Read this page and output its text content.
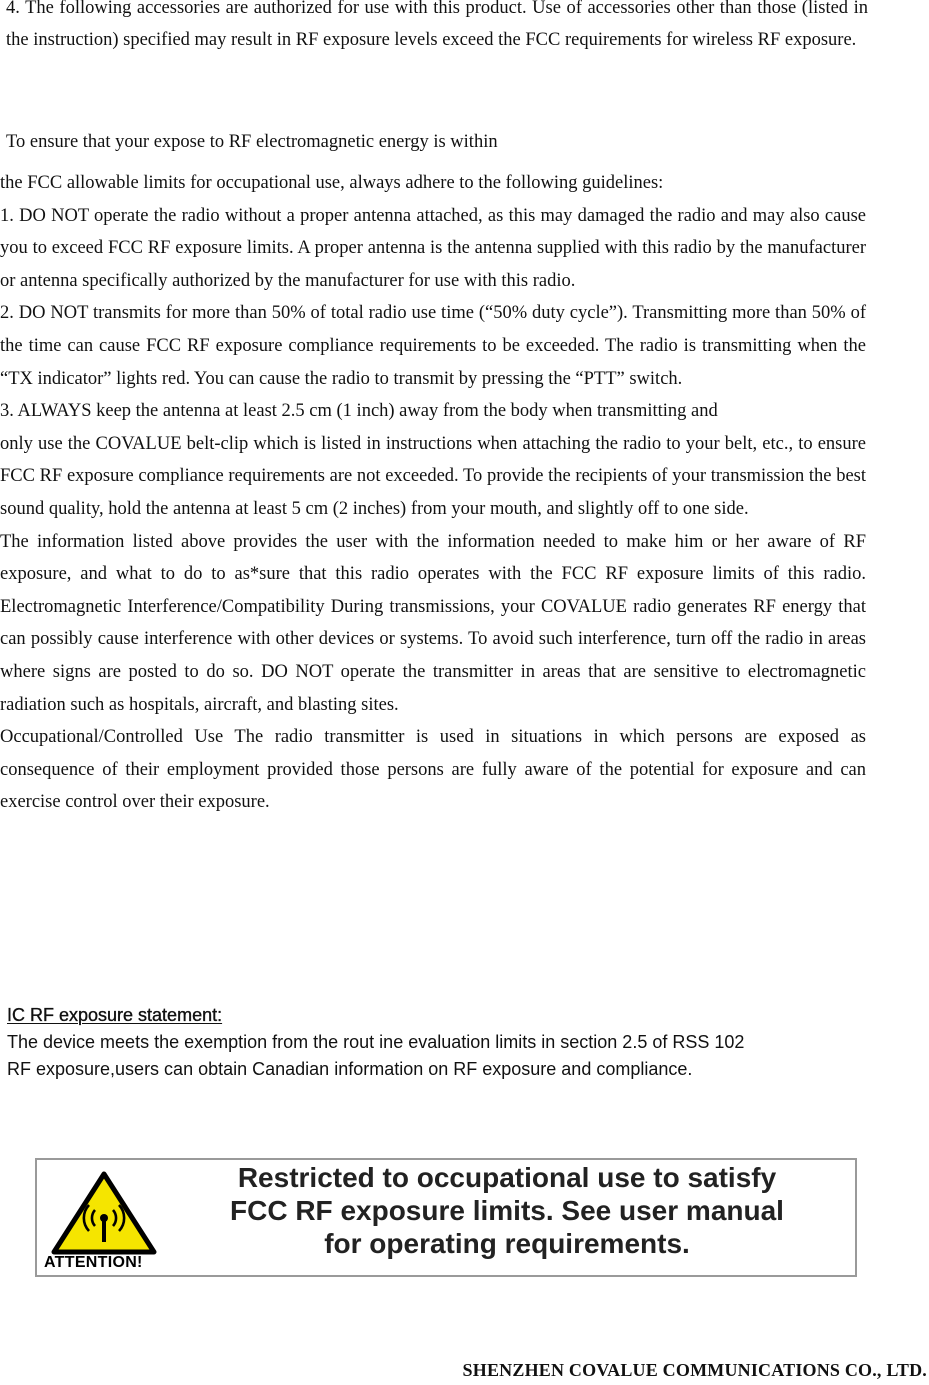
4. The following accessories are authorized for use with this product. Use of accessories other than those (listed in the instruction) specified may result in RF exposure levels exceed the FCC requirements for wireless RF exposure.

To ensure that your expose to RF electromagnetic energy is within

the FCC allowable limits for occupational use, always adhere to the following guidelines:

1. DO NOT operate the radio without a proper antenna attached, as this may damaged the radio and may also cause you to exceed FCC RF exposure limits. A proper antenna is the antenna supplied with this radio by the manufacturer or antenna specifically authorized by the manufacturer for use with this radio.

2. DO NOT transmits for more than 50% of total radio use time (“50% duty cycle”). Transmitting more than 50% of the time can cause FCC RF exposure compliance requirements to be exceeded. The radio is transmitting when the “TX indicator” lights red. You can cause the radio to transmit by pressing the “PTT” switch.

3. ALWAYS keep the antenna at least 2.5 cm (1 inch) away from the body when transmitting and

only use the COVALUE belt-clip which is listed in instructions when attaching the radio to your belt, etc., to ensure FCC RF exposure compliance requirements are not exceeded. To provide the recipients of your transmission the best sound quality, hold the antenna at least 5 cm (2 inches) from your mouth, and slightly off to one side.

The information listed above provides the user with the information needed to make him or her aware of RF exposure, and what to do to as*sure that this radio operates with the FCC RF exposure limits of this radio. Electromagnetic Interference/Compatibility During transmissions, your COVALUE radio generates RF energy that can possibly cause interference with other devices or systems. To avoid such interference, turn off the radio in areas where signs are posted to do so. DO NOT operate the transmitter in areas that are sensitive to electromagnetic radiation such as hospitals, aircraft, and blasting sites.

Occupational/Controlled Use The radio transmitter is used in situations in which persons are exposed as consequence of their employment provided those persons are fully aware of the potential for exposure and can exercise control over their exposure.

IC RF exposure statement:
The device meets the exemption from the rout ine evaluation limits in section 2.5 of RSS 102
RF exposure,users can obtain Canadian information on RF exposure and compliance.
ATTENTION!
Restricted to occupational use to satisfy
FCC RF exposure limits. See user manual
for operating requirements.
SHENZHEN COVALUE COMMUNICATIONS CO., LTD.
